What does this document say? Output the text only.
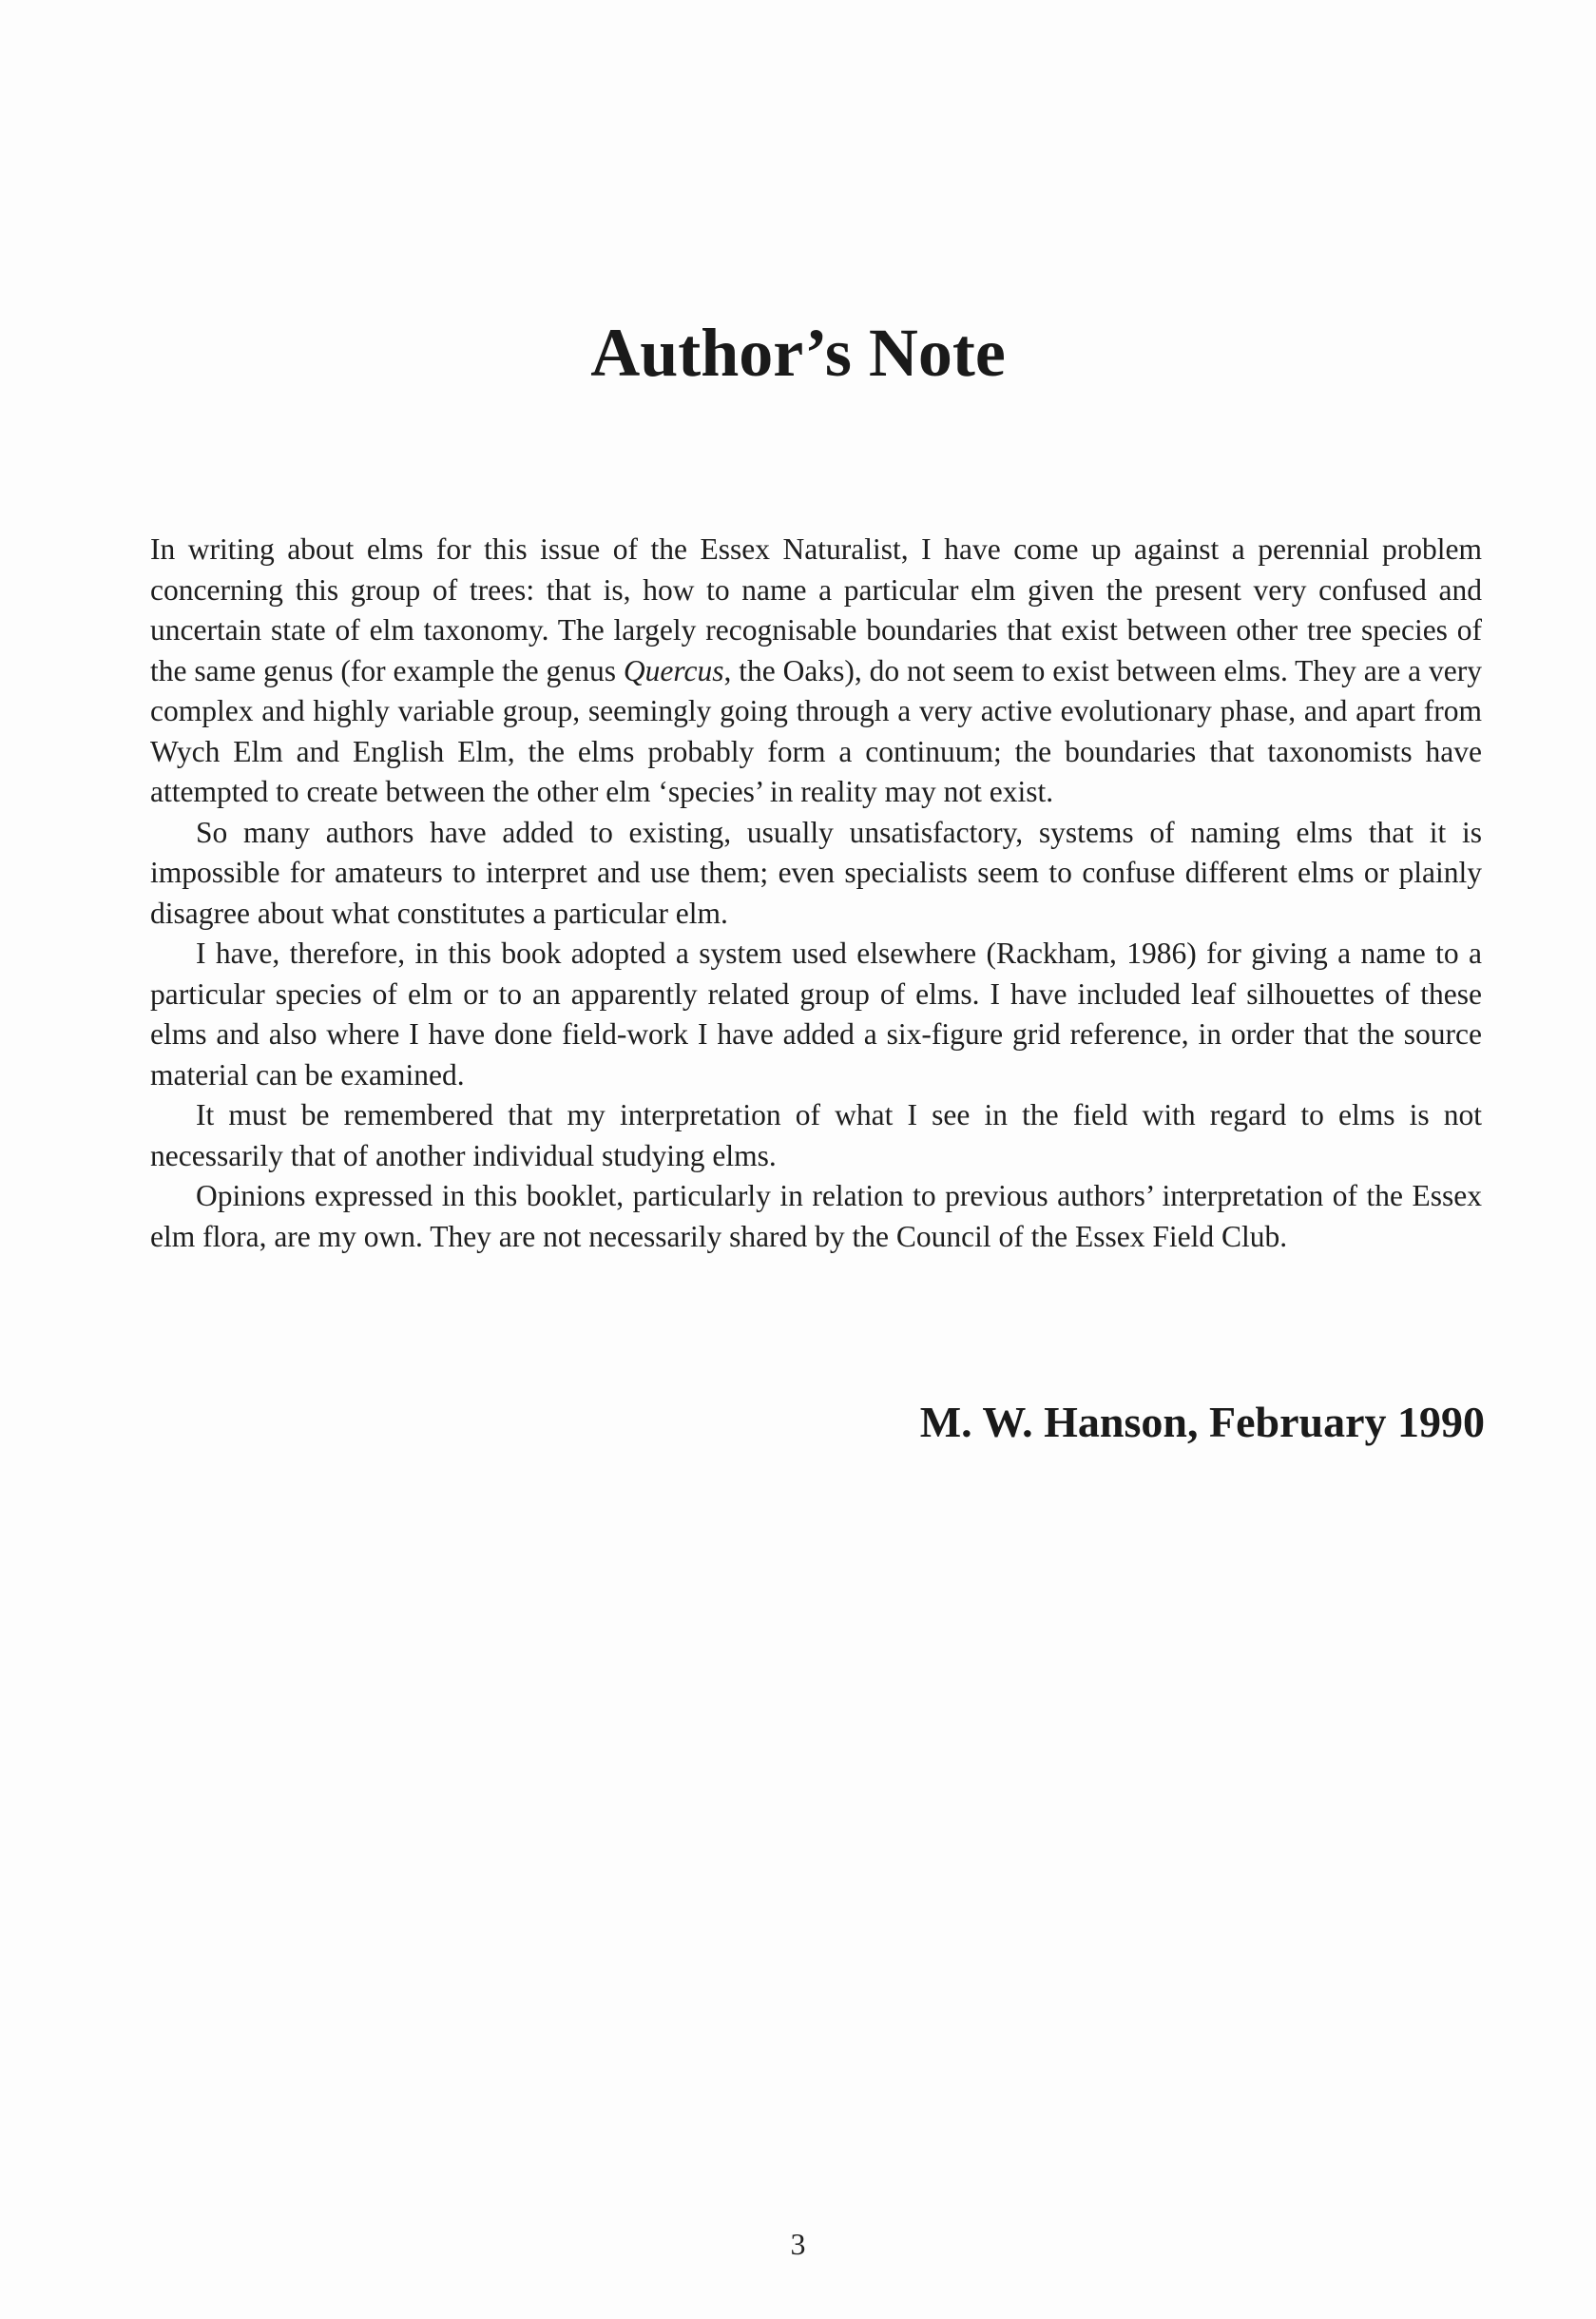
Author’s Note

In writing about elms for this issue of the Essex Naturalist, I have come up against a perennial problem concerning this group of trees: that is, how to name a particular elm given the present very confused and uncertain state of elm taxonomy. The largely recognisable boundaries that exist between other tree species of the same genus (for example the genus Quercus, the Oaks), do not seem to exist between elms. They are a very complex and highly variable group, seemingly going through a very active evolutionary phase, and apart from Wych Elm and English Elm, the elms probably form a continuum; the boundaries that taxonomists have attempted to create between the other elm ‘species’ in reality may not exist.

So many authors have added to existing, usually unsatisfactory, systems of naming elms that it is impossible for amateurs to interpret and use them; even specialists seem to confuse different elms or plainly disagree about what constitutes a particular elm.

I have, therefore, in this book adopted a system used elsewhere (Rackham, 1986) for giving a name to a particular species of elm or to an apparently related group of elms. I have included leaf silhouettes of these elms and also where I have done field-work I have added a six-figure grid reference, in order that the source material can be examined.

It must be remembered that my interpretation of what I see in the field with regard to elms is not necessarily that of another individual studying elms.

Opinions expressed in this booklet, particularly in relation to previous authors’ interpretation of the Essex elm flora, are my own. They are not necessarily shared by the Council of the Essex Field Club.

M. W. Hanson, February 1990
3
